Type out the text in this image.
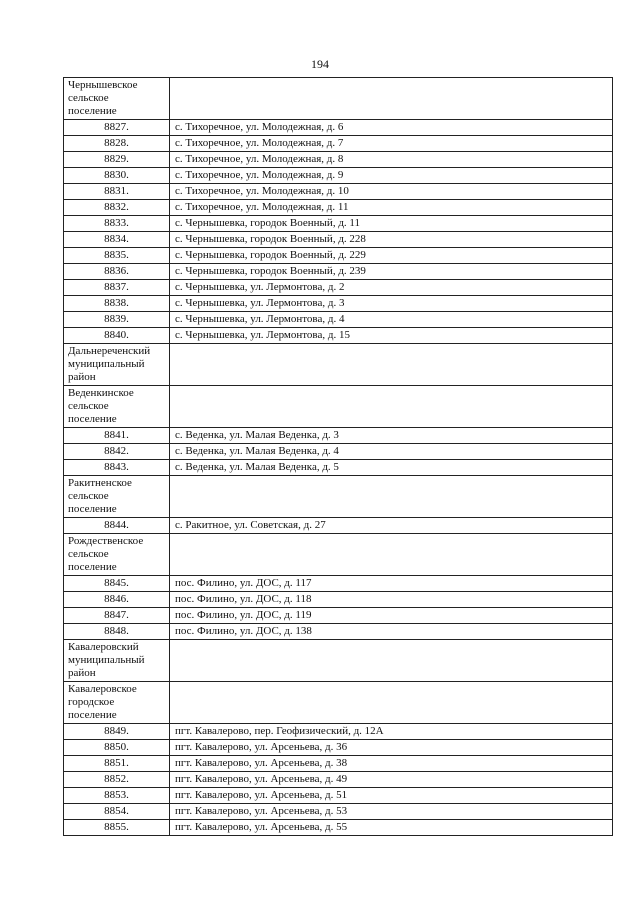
194
Чернышевское
сельское
поселение	

8827.	с. Тихоречное, ул. Молодежная, д. 6
8828.	с. Тихоречное, ул. Молодежная, д. 7
8829.	с. Тихоречное, ул. Молодежная, д. 8
8830.	с. Тихоречное, ул. Молодежная, д. 9
8831.	с. Тихоречное, ул. Молодежная, д. 10
8832.	с. Тихоречное, ул. Молодежная, д. 11
8833.	с. Чернышевка, городок Военный, д. 11
8834.	с. Чернышевка, городок Военный, д. 228
8835.	с. Чернышевка, городок Военный, д. 229
8836.	с. Чернышевка, городок Военный, д. 239
8837.	с. Чернышевка, ул. Лермонтова, д. 2
8838.	с. Чернышевка, ул. Лермонтова, д. 3
8839.	с. Чернышевка, ул. Лермонтова, д. 4
8840.	с. Чернышевка, ул. Лермонтова, д. 15

Дальнереченский
муниципальный
район	

Веденкинское
сельское
поселение	

8841.	с. Веденка, ул. Малая Веденка, д. 3
8842.	с. Веденка, ул. Малая Веденка, д. 4
8843.	с. Веденка, ул. Малая Веденка, д. 5

Ракитненское
сельское
поселение	

8844.	с. Ракитное, ул. Советская, д. 27

Рождественское
сельское
поселение	

8845.	пос. Филино, ул. ДОС, д. 117
8846.	пос. Филино, ул. ДОС, д. 118
8847.	пос. Филино, ул. ДОС, д. 119
8848.	пос. Филино, ул. ДОС, д. 138

Кавалеровский
муниципальный
район	

Кавалеровское
городское
поселение	

8849.	пгт. Кавалерово, пер. Геофизический, д. 12А
8850.	пгт. Кавалерово, ул. Арсеньева, д. 36
8851.	пгт. Кавалерово, ул. Арсеньева, д. 38
8852.	пгт. Кавалерово, ул. Арсеньева, д. 49
8853.	пгт. Кавалерово, ул. Арсеньева, д. 51
8854.	пгт. Кавалерово, ул. Арсеньева, д. 53
8855.	пгт. Кавалерово, ул. Арсеньева, д. 55
